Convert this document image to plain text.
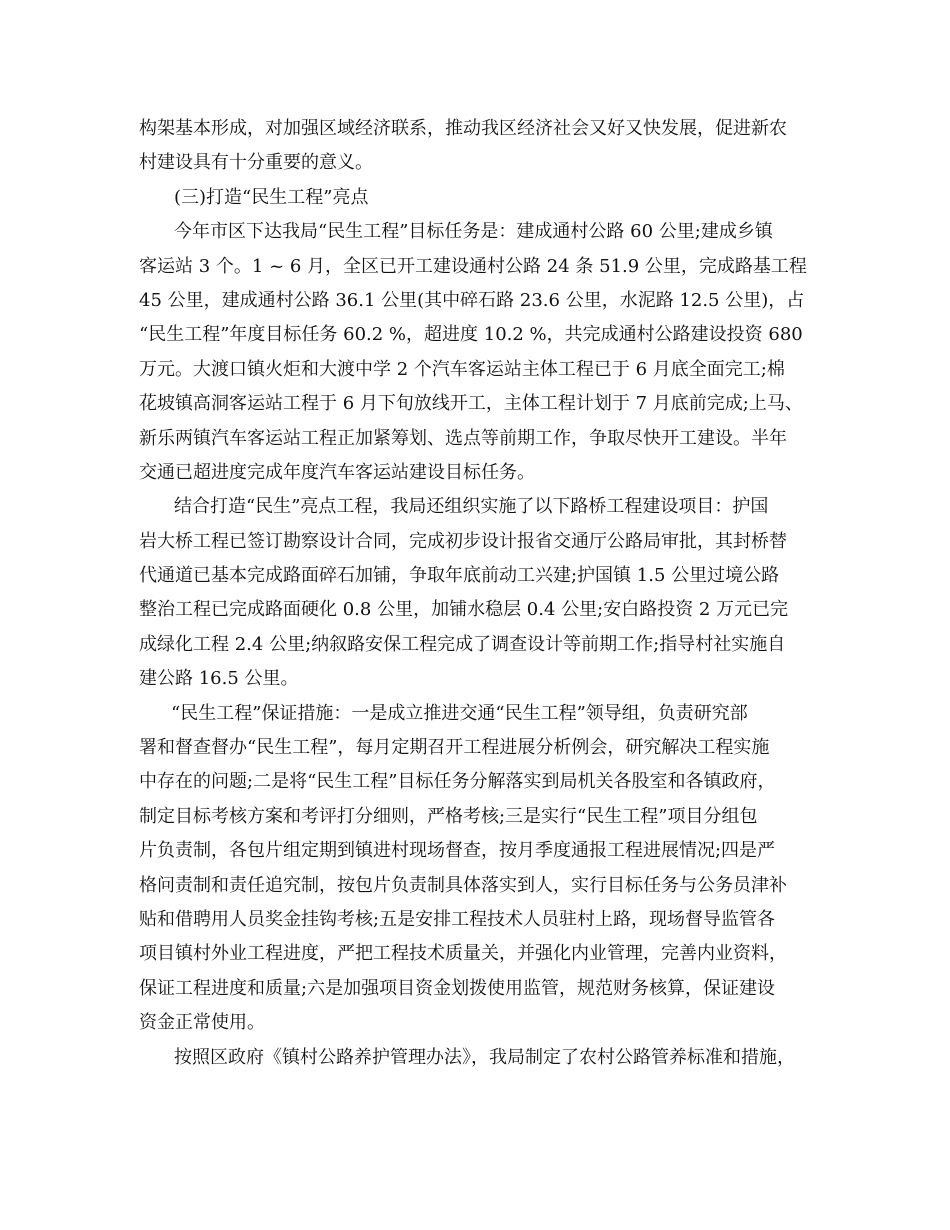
构架基本形成，对加强区域经济联系，推动我区经济社会又好又快发展，促进新农
村建设具有十分重要的意义。
(三)打造“民生工程”亮点
今年市区下达我局“民生工程”目标任务是：建成通村公路 60 公里;建成乡镇
客运站 3 个。1 ~ 6 月，全区已开工建设通村公路 24 条 51.9 公里，完成路基工程
45 公里，建成通村公路 36.1 公里(其中碎石路 23.6 公里，水泥路 12.5 公里)，占
“民生工程”年度目标任务 60.2 %，超进度 10.2 %，共完成通村公路建设投资 680
万元。大渡口镇火炬和大渡中学 2 个汽车客运站主体工程已于 6 月底全面完工;棉
花坡镇高洞客运站工程于 6 月下旬放线开工，主体工程计划于 7 月底前完成;上马、
新乐两镇汽车客运站工程正加紧筹划、选点等前期工作，争取尽快开工建设。半年
交通已超进度完成年度汽车客运站建设目标任务。
结合打造“民生”亮点工程，我局还组织实施了以下路桥工程建设项目：护国
岩大桥工程已签订勘察设计合同，完成初步设计报省交通厅公路局审批，其封桥替
代通道已基本完成路面碎石加铺，争取年底前动工兴建;护国镇 1.5 公里过境公路
整治工程已完成路面硬化 0.8 公里，加铺水稳层 0.4 公里;安白路投资 2 万元已完
成绿化工程 2.4 公里;纳叙路安保工程完成了调查设计等前期工作;指导村社实施自
建公路 16.5 公里。
“民生工程”保证措施：一是成立推进交通“民生工程”领导组，负责研究部
署和督查督办“民生工程”，每月定期召开工程进展分析例会，研究解决工程实施
中存在的问题;二是将“民生工程”目标任务分解落实到局机关各股室和各镇政府，
制定目标考核方案和考评打分细则，严格考核;三是实行“民生工程”项目分组包
片负责制，各包片组定期到镇进村现场督查，按月季度通报工程进展情况;四是严
格问责制和责任追究制，按包片负责制具体落实到人，实行目标任务与公务员津补
贴和借聘用人员奖金挂钩考核;五是安排工程技术人员驻村上路，现场督导监管各
项目镇村外业工程进度，严把工程技术质量关，并强化内业管理，完善内业资料，
保证工程进度和质量;六是加强项目资金划拨使用监管，规范财务核算，保证建设
资金正常使用。
按照区政府《镇村公路养护管理办法》，我局制定了农村公路管养标准和措施，
